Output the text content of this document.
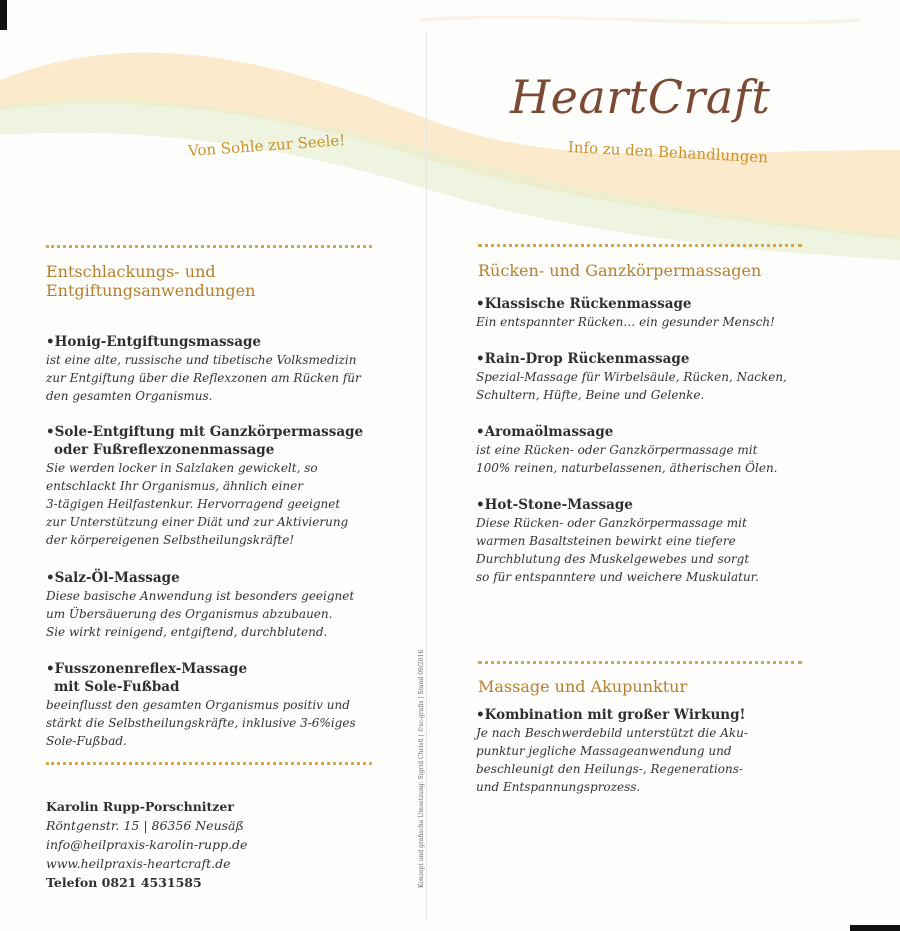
HeartCraft
Von Sohle zur Seele!	Info zu den Behandlungen
Entschlackungs- und Entgiftungsanwendungen

•Honig-Entgiftungsmassage

ist eine alte, russische und tibetische Volksmedizin

zur Entgiftung über die Reflexzonen am Rücken für

den gesamten Organismus.

•Sole-Entgiftung mit Ganzkörpermassage
oder Fußreflexzonenmassage

Sie werden locker in Salzlaken gewickelt, so

entschlackt Ihr Organismus, ähnlich einer

3-tägigen Heilfastenkur. Hervorragend geeignet

zur Unterstützung einer Diät und zur Aktivierung

der körpereigenen Selbstheilungskräfte!

•Salz-Öl-Massage

Diese basische Anwendung ist besonders geeignet

um Übersäuerung des Organismus abzubauen.

Sie wirkt reinigend, entgiftend, durchblutend.

•Fusszonenreflex-Massage
mit Sole-Fußbad

beeinflusst den gesamten Organismus positiv und

stärkt die Selbstheilungskräfte, inklusive 3-6%iges

Sole-Fußbad.

Karolin Rupp-Porschnitzer
Röntgenstr. 15 | 86356 Neusäß
info@heilpraxis-karolin-rupp.de
www.heilpraxis-heartcraft.de
Telefon 0821 4531585
Rücken- und Ganzkörpermassagen

•Klassische Rückenmassage

Ein entspannter Rücken… ein gesunder Mensch!

•Rain-Drop Rückenmassage

Spezial-Massage für Wirbelsäule, Rücken, Nacken,

Schultern, Hüfte, Beine und Gelenke.

•Aromaölmassage

ist eine Rücken- oder Ganzkörpermassage mit

100% reinen, naturbelassenen, ätherischen Ölen.

•Hot-Stone-Massage

Diese Rücken- oder Ganzkörpermassage mit

warmen Basaltsteinen bewirkt eine tiefere

Durchblutung des Muskelgewebes und sorgt

so für entspanntere und weichere Muskulatur.

Massage und Akupunktur

•Kombination mit großer Wirkung!

Je nach Beschwerdebild unterstützt die Aku-

punktur jegliche Massageanwendung und

beschleunigt den Heilungs-, Regenerations-

und Entspannungsprozess.

Konzept und grafische Umsetzung: Sigrid Christl | ©sc-grafix | Stand 09/2016
